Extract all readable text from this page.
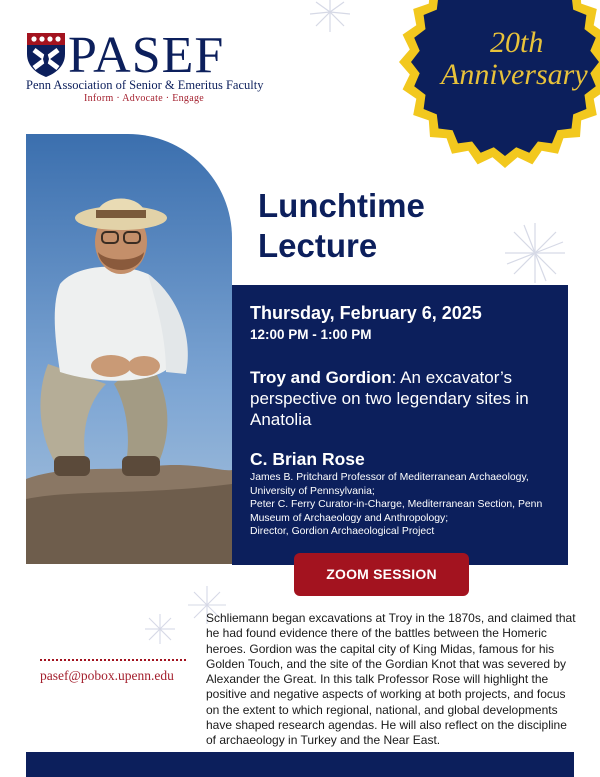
PASEF
Penn Association of Senior & Emeritus Faculty
Inform · Advocate · Engage
20th
Anniversary
Lunchtime
Lecture
Thursday, February 6, 2025
12:00 PM - 1:00 PM
Troy and Gordion: An excavator’s perspective on two legendary sites in Anatolia
C. Brian Rose
James B. Pritchard Professor of Mediterranean Archaeology, University of Pennsylvania;
Peter C. Ferry Curator-in-Charge, Mediterranean Section, Penn Museum of Archaeology and Anthropology;
Director, Gordion Archaeological Project
ZOOM SESSION
pasef@pobox.upenn.edu
Schliemann began excavations at Troy in the 1870s, and claimed that he had found evidence there of the battles between the Homeric heroes. Gordion was the capital city of King Midas, famous for his Golden Touch, and the site of the Gordian Knot that was severed by Alexander the Great. In this talk Professor Rose will highlight the positive and negative aspects of working at both projects, and focus on the extent to which regional, national, and global developments have shaped research agendas. He will also reflect on the discipline of archaeology in Turkey and the Near East.
